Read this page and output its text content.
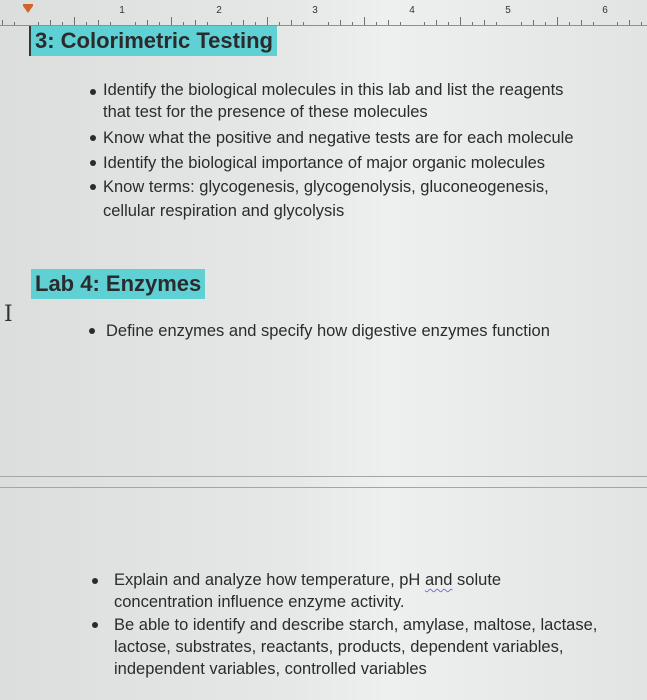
1	2	3	4	5	6
3: Colorimetric Testing
Identify the biological molecules in this lab and list the reagents
that test for the presence of these molecules
Know what the positive and negative tests are for each molecule
Identify the biological importance of major organic molecules
Know terms: glycogenesis, glycogenolysis, gluconeogenesis,
cellular respiration and glycolysis
Lab 4: Enzymes
I
Define enzymes and specify how digestive enzymes function
Explain and analyze how temperature, pH and solute
concentration influence enzyme activity.
Be able to identify and describe starch, amylase, maltose, lactase,
lactose, substrates, reactants, products, dependent variables,
independent variables, controlled variables
